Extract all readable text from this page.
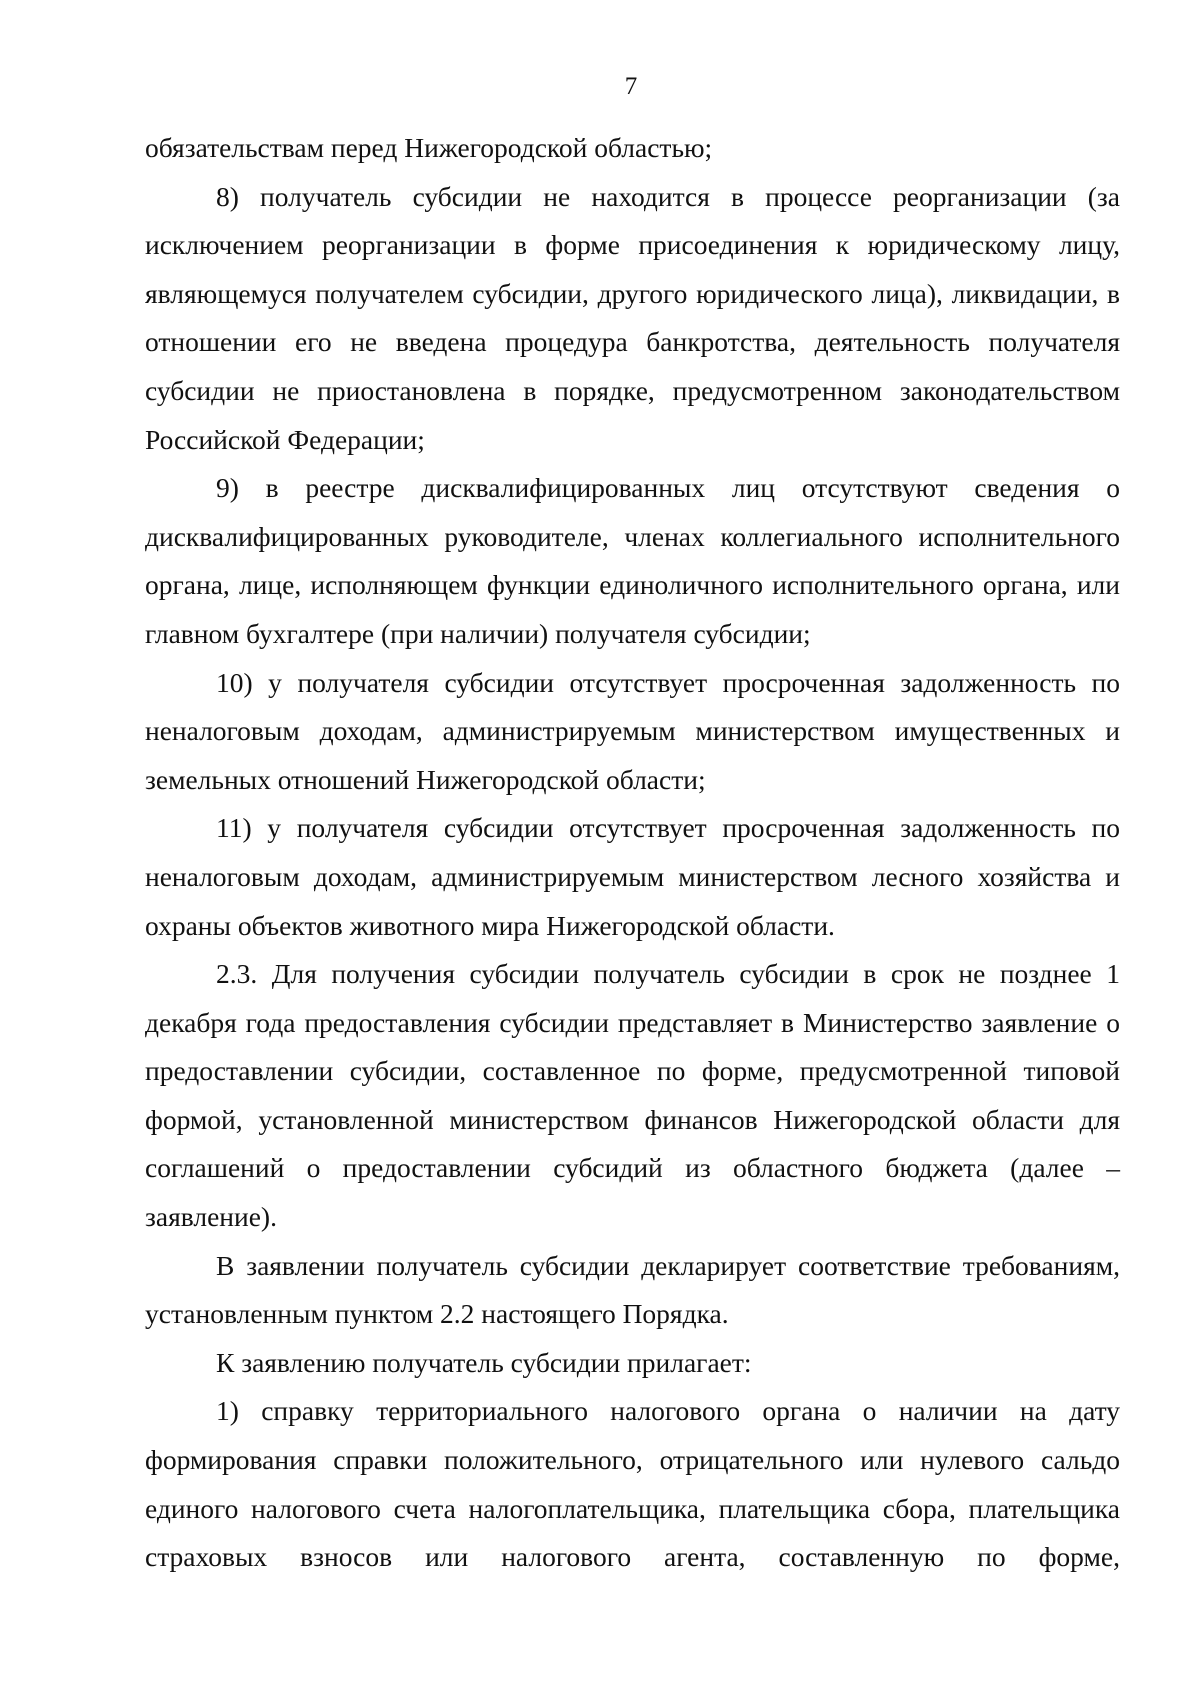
7

обязательствам перед Нижегородской областью;

8) получатель субсидии не находится в процессе реорганизации (за исключением реорганизации в форме присоединения к юридическому лицу, являющемуся получателем субсидии, другого юридического лица), ликвидации, в отношении его не введена процедура банкротства, деятельность получателя субсидии не приостановлена в порядке, предусмотренном законодательством Российской Федерации;

9) в реестре дисквалифицированных лиц отсутствуют сведения о дисквалифицированных руководителе, членах коллегиального исполнительного органа, лице, исполняющем функции единоличного исполнительного органа, или главном бухгалтере (при наличии) получателя субсидии;

10) у получателя субсидии отсутствует просроченная задолженность по неналоговым доходам, администрируемым министерством имущественных и земельных отношений Нижегородской области;

11) у получателя субсидии отсутствует просроченная задолженность по неналоговым доходам, администрируемым министерством лесного хозяйства и охраны объектов животного мира Нижегородской области.

2.3. Для получения субсидии получатель субсидии в срок не позднее 1 декабря года предоставления субсидии представляет в Министерство заявление о предоставлении субсидии, составленное по форме, предусмотренной типовой формой, установленной министерством финансов Нижегородской области для соглашений о предоставлении субсидий из областного бюджета (далее – заявление).

В заявлении получатель субсидии декларирует соответствие требованиям, установленным пунктом 2.2 настоящего Порядка.

К заявлению получатель субсидии прилагает:

1) справку территориального налогового органа о наличии на дату формирования справки положительного, отрицательного или нулевого сальдо единого налогового счета налогоплательщика, плательщика сбора, плательщика страховых взносов или налогового агента, составленную по форме,
